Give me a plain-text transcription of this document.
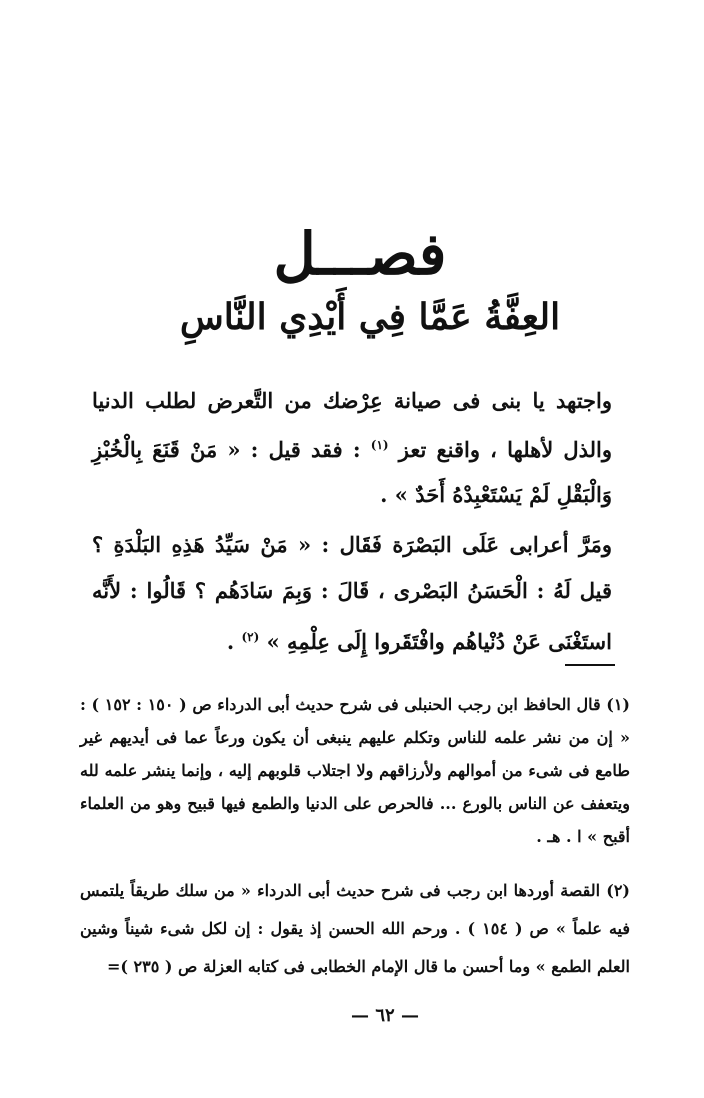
فصـــل
العِفَّةُ عَمَّا فِي أَيْدِي النَّاسِ
واجتهد يا بنى فى صيانة عِرْضك من التَّعرض لطلب الدنيا والذل لأهلها ، واقنع تعز $^{(١)}$ : فقد قيل : « مَنْ قَنَعَ بِالْخُبْزِ وَالْبَقْلِ لَمْ يَسْتَعْبِدْهُ أَحَدٌ » .
ومَرَّ أعرابى عَلَى البَصْرَة فَقَال : « مَنْ سَيِّدُ هَذِهِ البَلْدَةِ ؟ قيل لَهُ : الْحَسَنُ البَصْرى ، قَالَ : وَبِمَ سَادَهُم ؟ قَالُوا : لأَنَّه استَغْنَى عَنْ دُنْياهُم وافْتَقَروا إِلَى عِلْمِهِ » $^{(٢)}$ .
(١) قال الحافظ ابن رجب الحنبلى فى شرح حديث أبى الدرداء ص ( ١٥٠ : ١٥٢ ) : « إن من نشر علمه للناس وتكلم عليهم ينبغى أن يكون ورعاً عما فى أيديهم غير طامع فى شىء من أموالهم ولأرزاقهم ولا اجتلاب قلوبهم إليه ، وإنما ينشر علمه لله ويتعفف عن الناس بالورع ... فالحرص على الدنيا والطمع فيها قبيح وهو من العلماء أقبح » ا . هـ .
(٢) القصة أوردها ابن رجب فى شرح حديث أبى الدرداء « من سلك طريقاً يلتمس فيه علماً » ص ( ١٥٤ ) . ورحم الله الحسن إذ يقول : إن لكل شىء شيناً وشين العلم الطمع » وما أحسن ما قال الإمام الخطابى فى كتابه العزلة ص ( ٢٣٥ )=
— ٦٢ —
